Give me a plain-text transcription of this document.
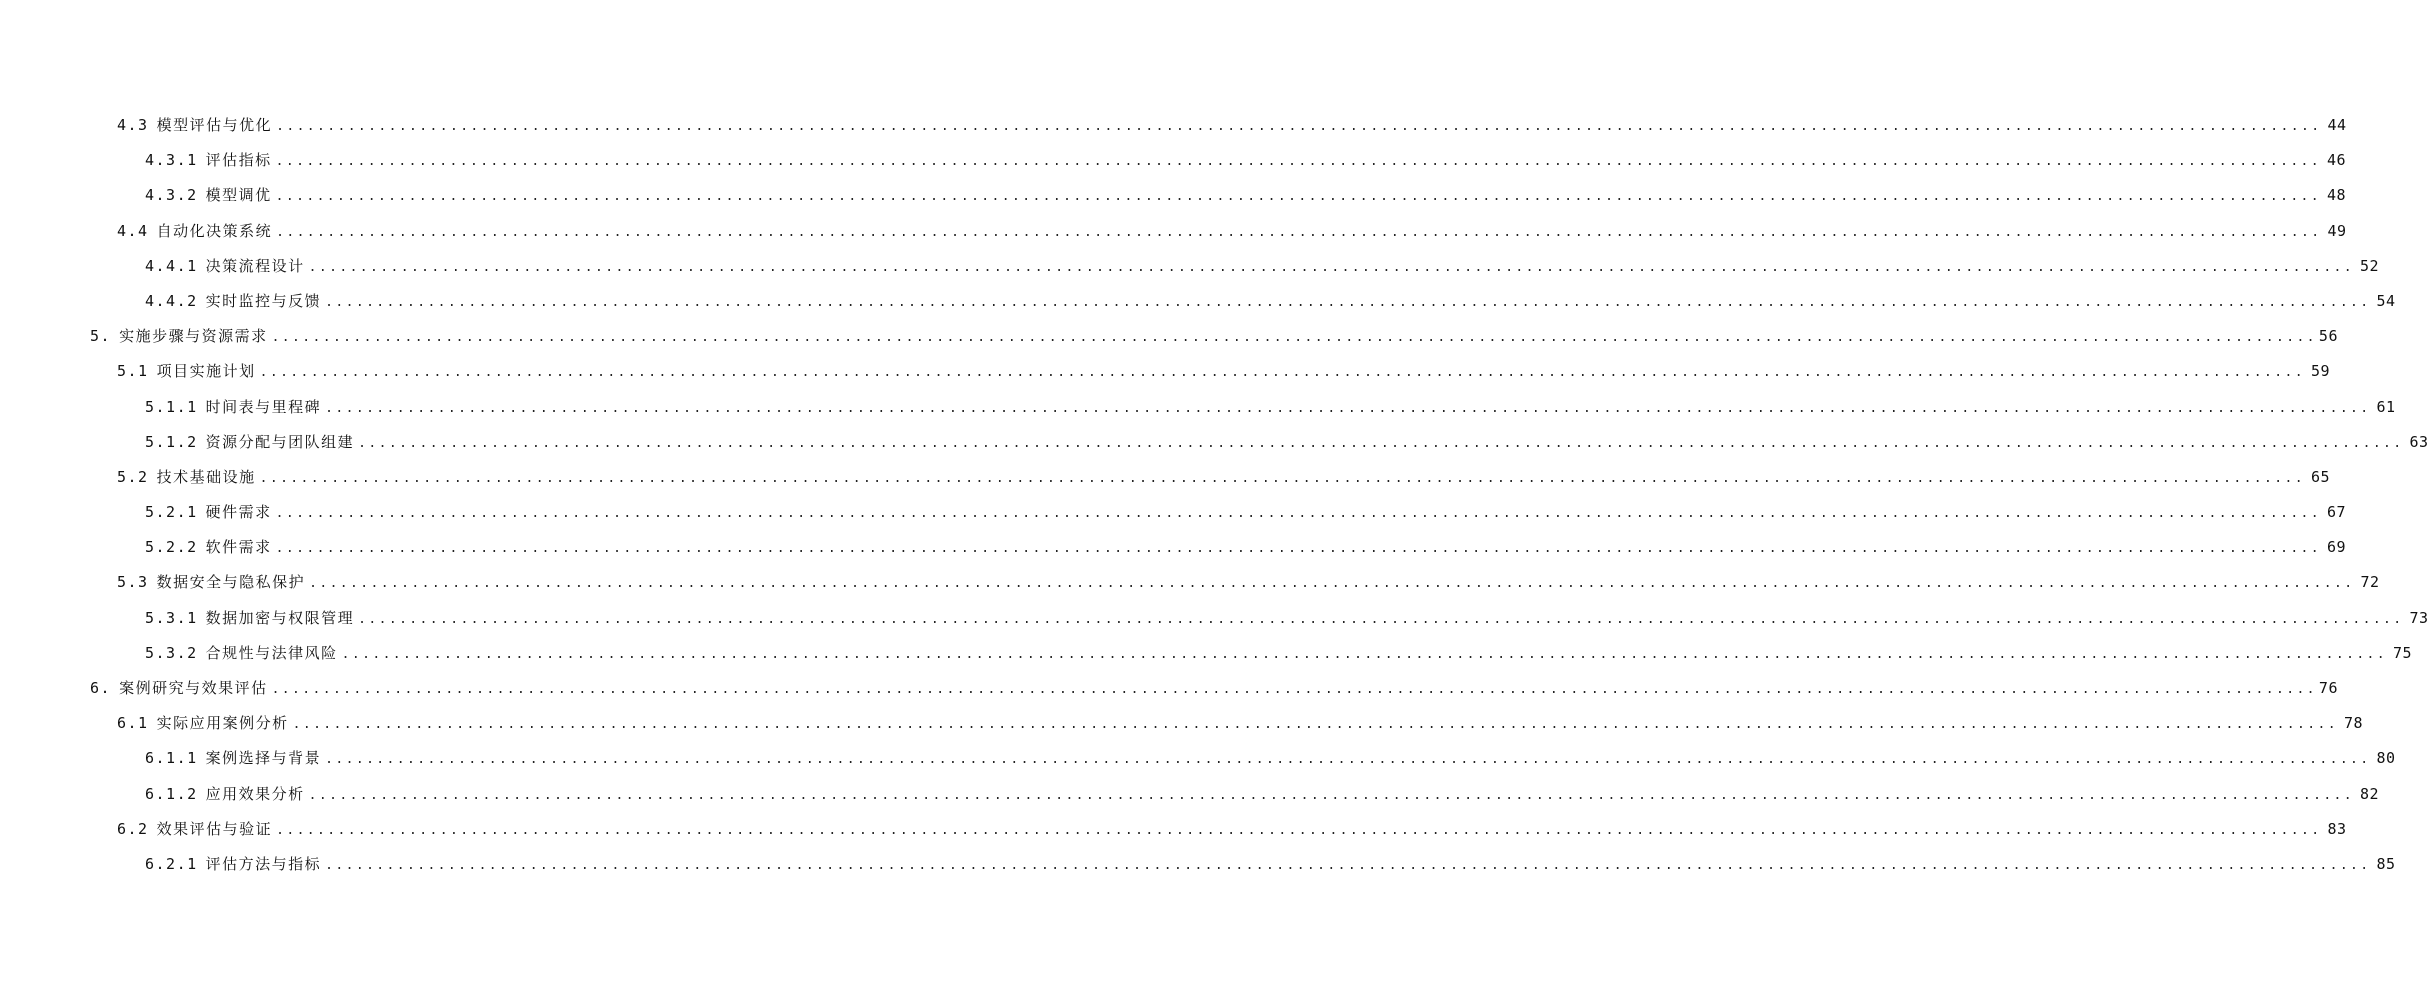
4.3 模型评估与优化 ........................................................................................................................................................................................................ 44
4.3.1 评估指标 ........................................................................................................................................................................................................ 46
4.3.2 模型调优 ........................................................................................................................................................................................................ 48
4.4 自动化决策系统 ........................................................................................................................................................................................................ 49
4.4.1 决策流程设计 ........................................................................................................................................................................................................ 52
4.4.2 实时监控与反馈 ........................................................................................................................................................................................................ 54
5. 实施步骤与资源需求 ........................................................................................................................................................................................................ 56
5.1 项目实施计划 ........................................................................................................................................................................................................ 59
5.1.1 时间表与里程碑 ........................................................................................................................................................................................................ 61
5.1.2 资源分配与团队组建 ........................................................................................................................................................................................................ 63
5.2 技术基础设施 ........................................................................................................................................................................................................ 65
5.2.1 硬件需求 ........................................................................................................................................................................................................ 67
5.2.2 软件需求 ........................................................................................................................................................................................................ 69
5.3 数据安全与隐私保护 ........................................................................................................................................................................................................ 72
5.3.1 数据加密与权限管理 ........................................................................................................................................................................................................ 73
5.3.2 合规性与法律风险 ........................................................................................................................................................................................................ 75
6. 案例研究与效果评估 ........................................................................................................................................................................................................ 76
6.1 实际应用案例分析 ........................................................................................................................................................................................................ 78
6.1.1 案例选择与背景 ........................................................................................................................................................................................................ 80
6.1.2 应用效果分析 ........................................................................................................................................................................................................ 82
6.2 效果评估与验证 ........................................................................................................................................................................................................ 83
6.2.1 评估方法与指标 ........................................................................................................................................................................................................ 85
